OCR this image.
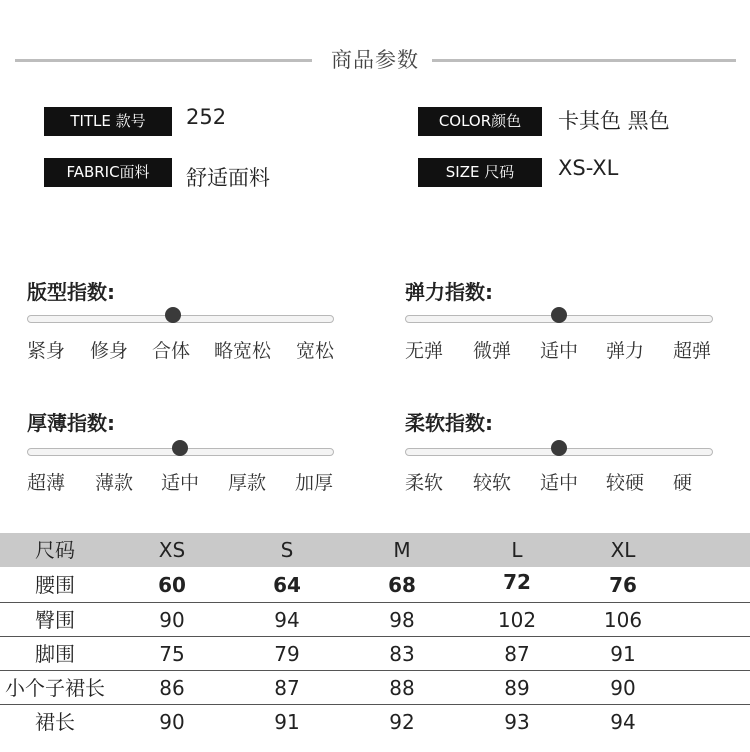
商品参数
TITLE 款号	252
FABRIC面料	舒适面料
COLOR颜色	卡其色 黑色
SIZE 尺码	XS-XL
版型指数:
紧身 修身 合体 略宽松 宽松
弹力指数:
无弹 微弹 适中 弹力 超弹
厚薄指数:
超薄 薄款 适中 厚款 加厚
柔软指数:
柔软 较软 适中 较硬 硬
尺码	XS	S	M	L	XL
腰围	60	64	68	72	76
臀围	90	94	98	102	106
脚围	75	79	83	87	91
小个子裙长	86	87	88	89	90
裙长	90	91	92	93	94
